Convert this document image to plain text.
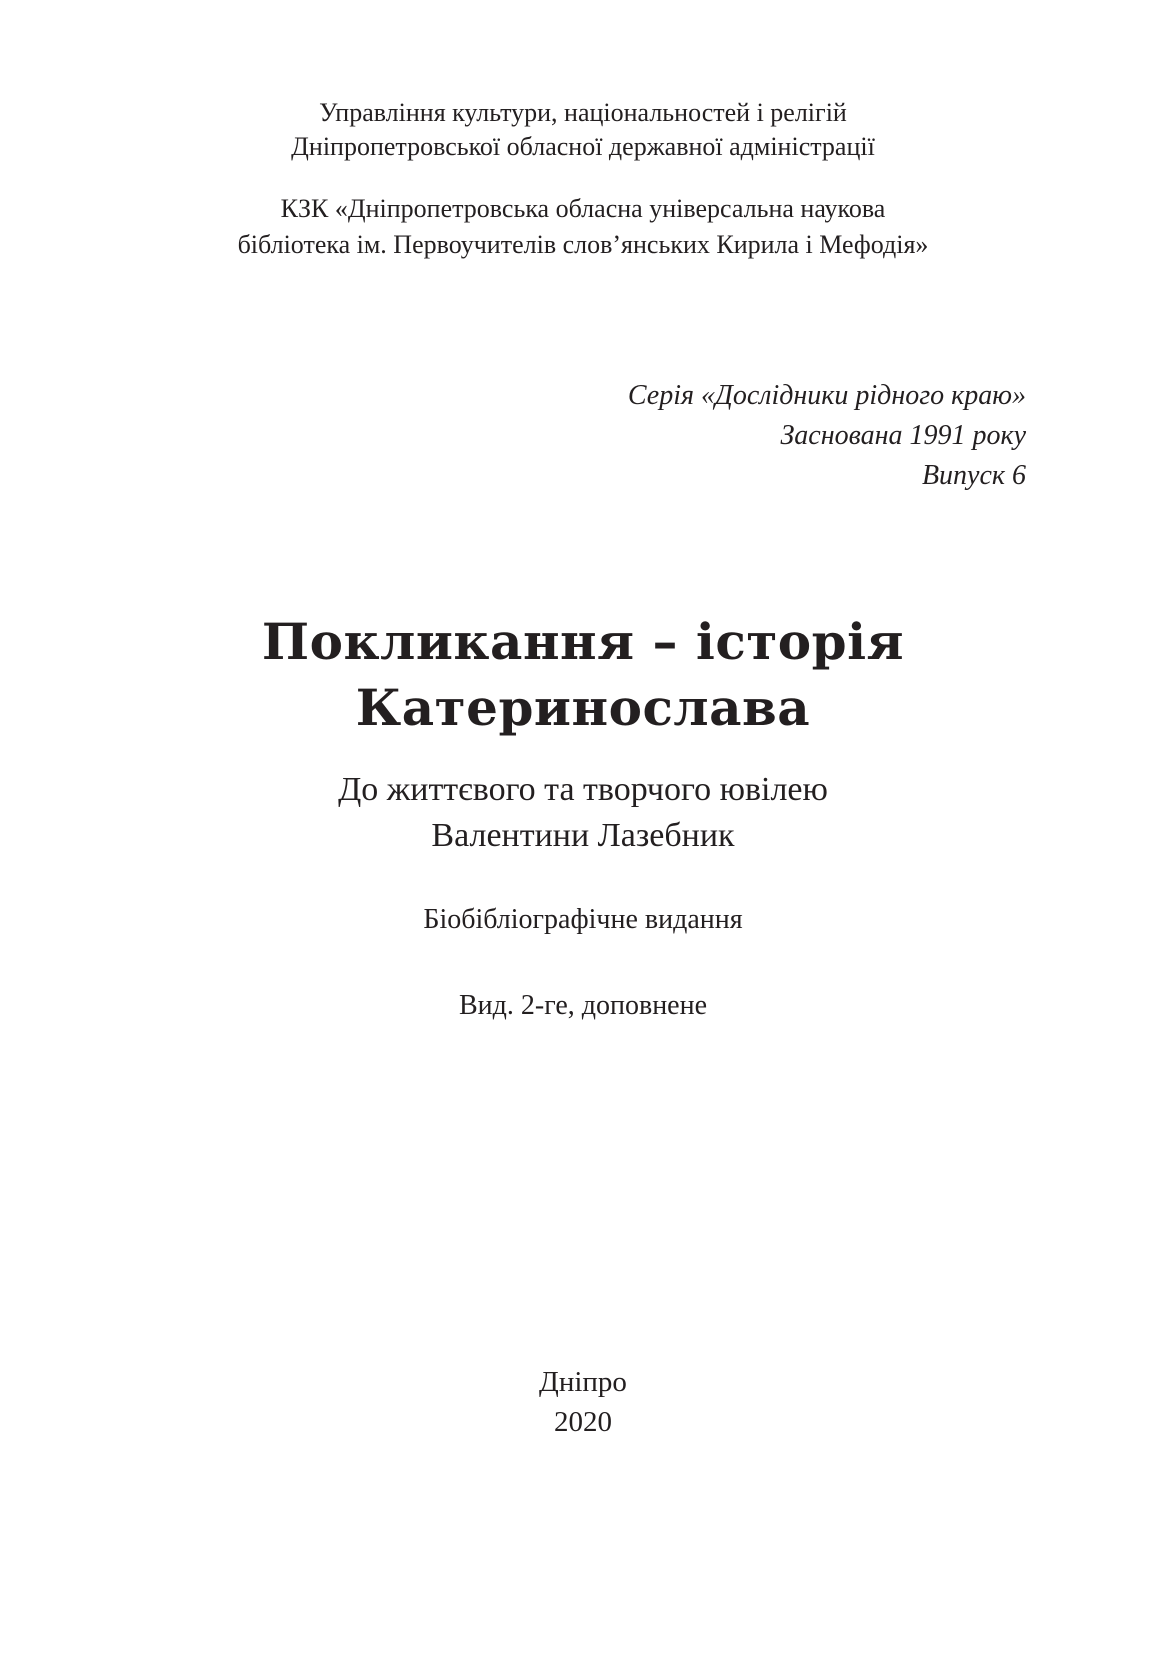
Управління культури, національностей і релігій
Дніпропетровської обласної державної адміністрації
КЗК «Дніпропетровська обласна універсальна наукова
бібліотека ім. Первоучителів слов’янських Кирила і Мефодія»
Серія «Дослідники рідного краю»
Заснована 1991 року
Випуск 6
Покликання – історія
Катеринослава
До життєвого та творчого ювілею
Валентини Лазебник
Біобібліографічне видання
Вид. 2-ге, доповнене
Дніпро
2020
